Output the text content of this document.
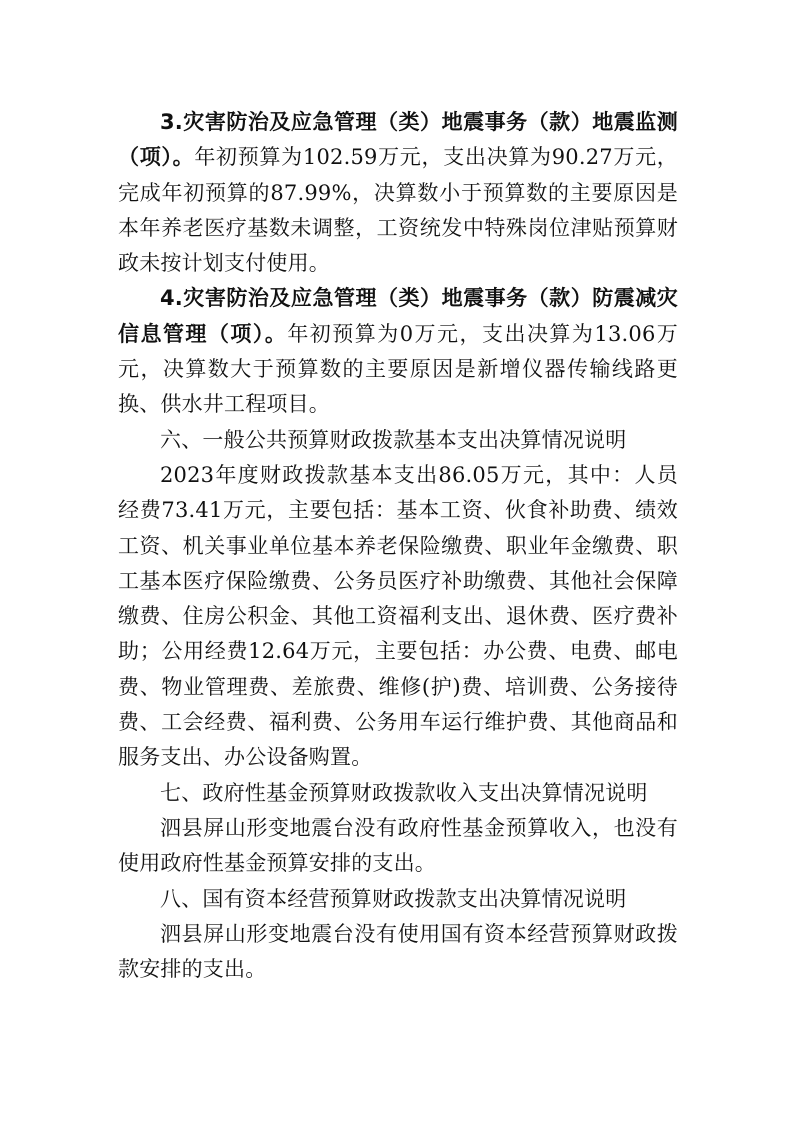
3.灾害防治及应急管理（类）地震事务（款）地震监测（项）。年初预算为102.59万元，支出决算为90.27万元，完成年初预算的87.99%，决算数小于预算数的主要原因是本年养老医疗基数未调整，工资统发中特殊岗位津贴预算财政未按计划支付使用。

4.灾害防治及应急管理（类）地震事务（款）防震减灾信息管理（项）。年初预算为0万元，支出决算为13.06万元，决算数大于预算数的主要原因是新增仪器传输线路更换、供水井工程项目。

六、一般公共预算财政拨款基本支出决算情况说明

2023年度财政拨款基本支出86.05万元，其中：人员经费73.41万元，主要包括：基本工资、伙食补助费、绩效工资、机关事业单位基本养老保险缴费、职业年金缴费、职工基本医疗保险缴费、公务员医疗补助缴费、其他社会保障缴费、住房公积金、其他工资福利支出、退休费、医疗费补助；公用经费12.64万元，主要包括：办公费、电费、邮电费、物业管理费、差旅费、维修(护)费、培训费、公务接待费、工会经费、福利费、公务用车运行维护费、其他商品和服务支出、办公设备购置。

七、政府性基金预算财政拨款收入支出决算情况说明

泗县屏山形变地震台没有政府性基金预算收入，也没有使用政府性基金预算安排的支出。

八、国有资本经营预算财政拨款支出决算情况说明

泗县屏山形变地震台没有使用国有资本经营预算财政拨款安排的支出。
